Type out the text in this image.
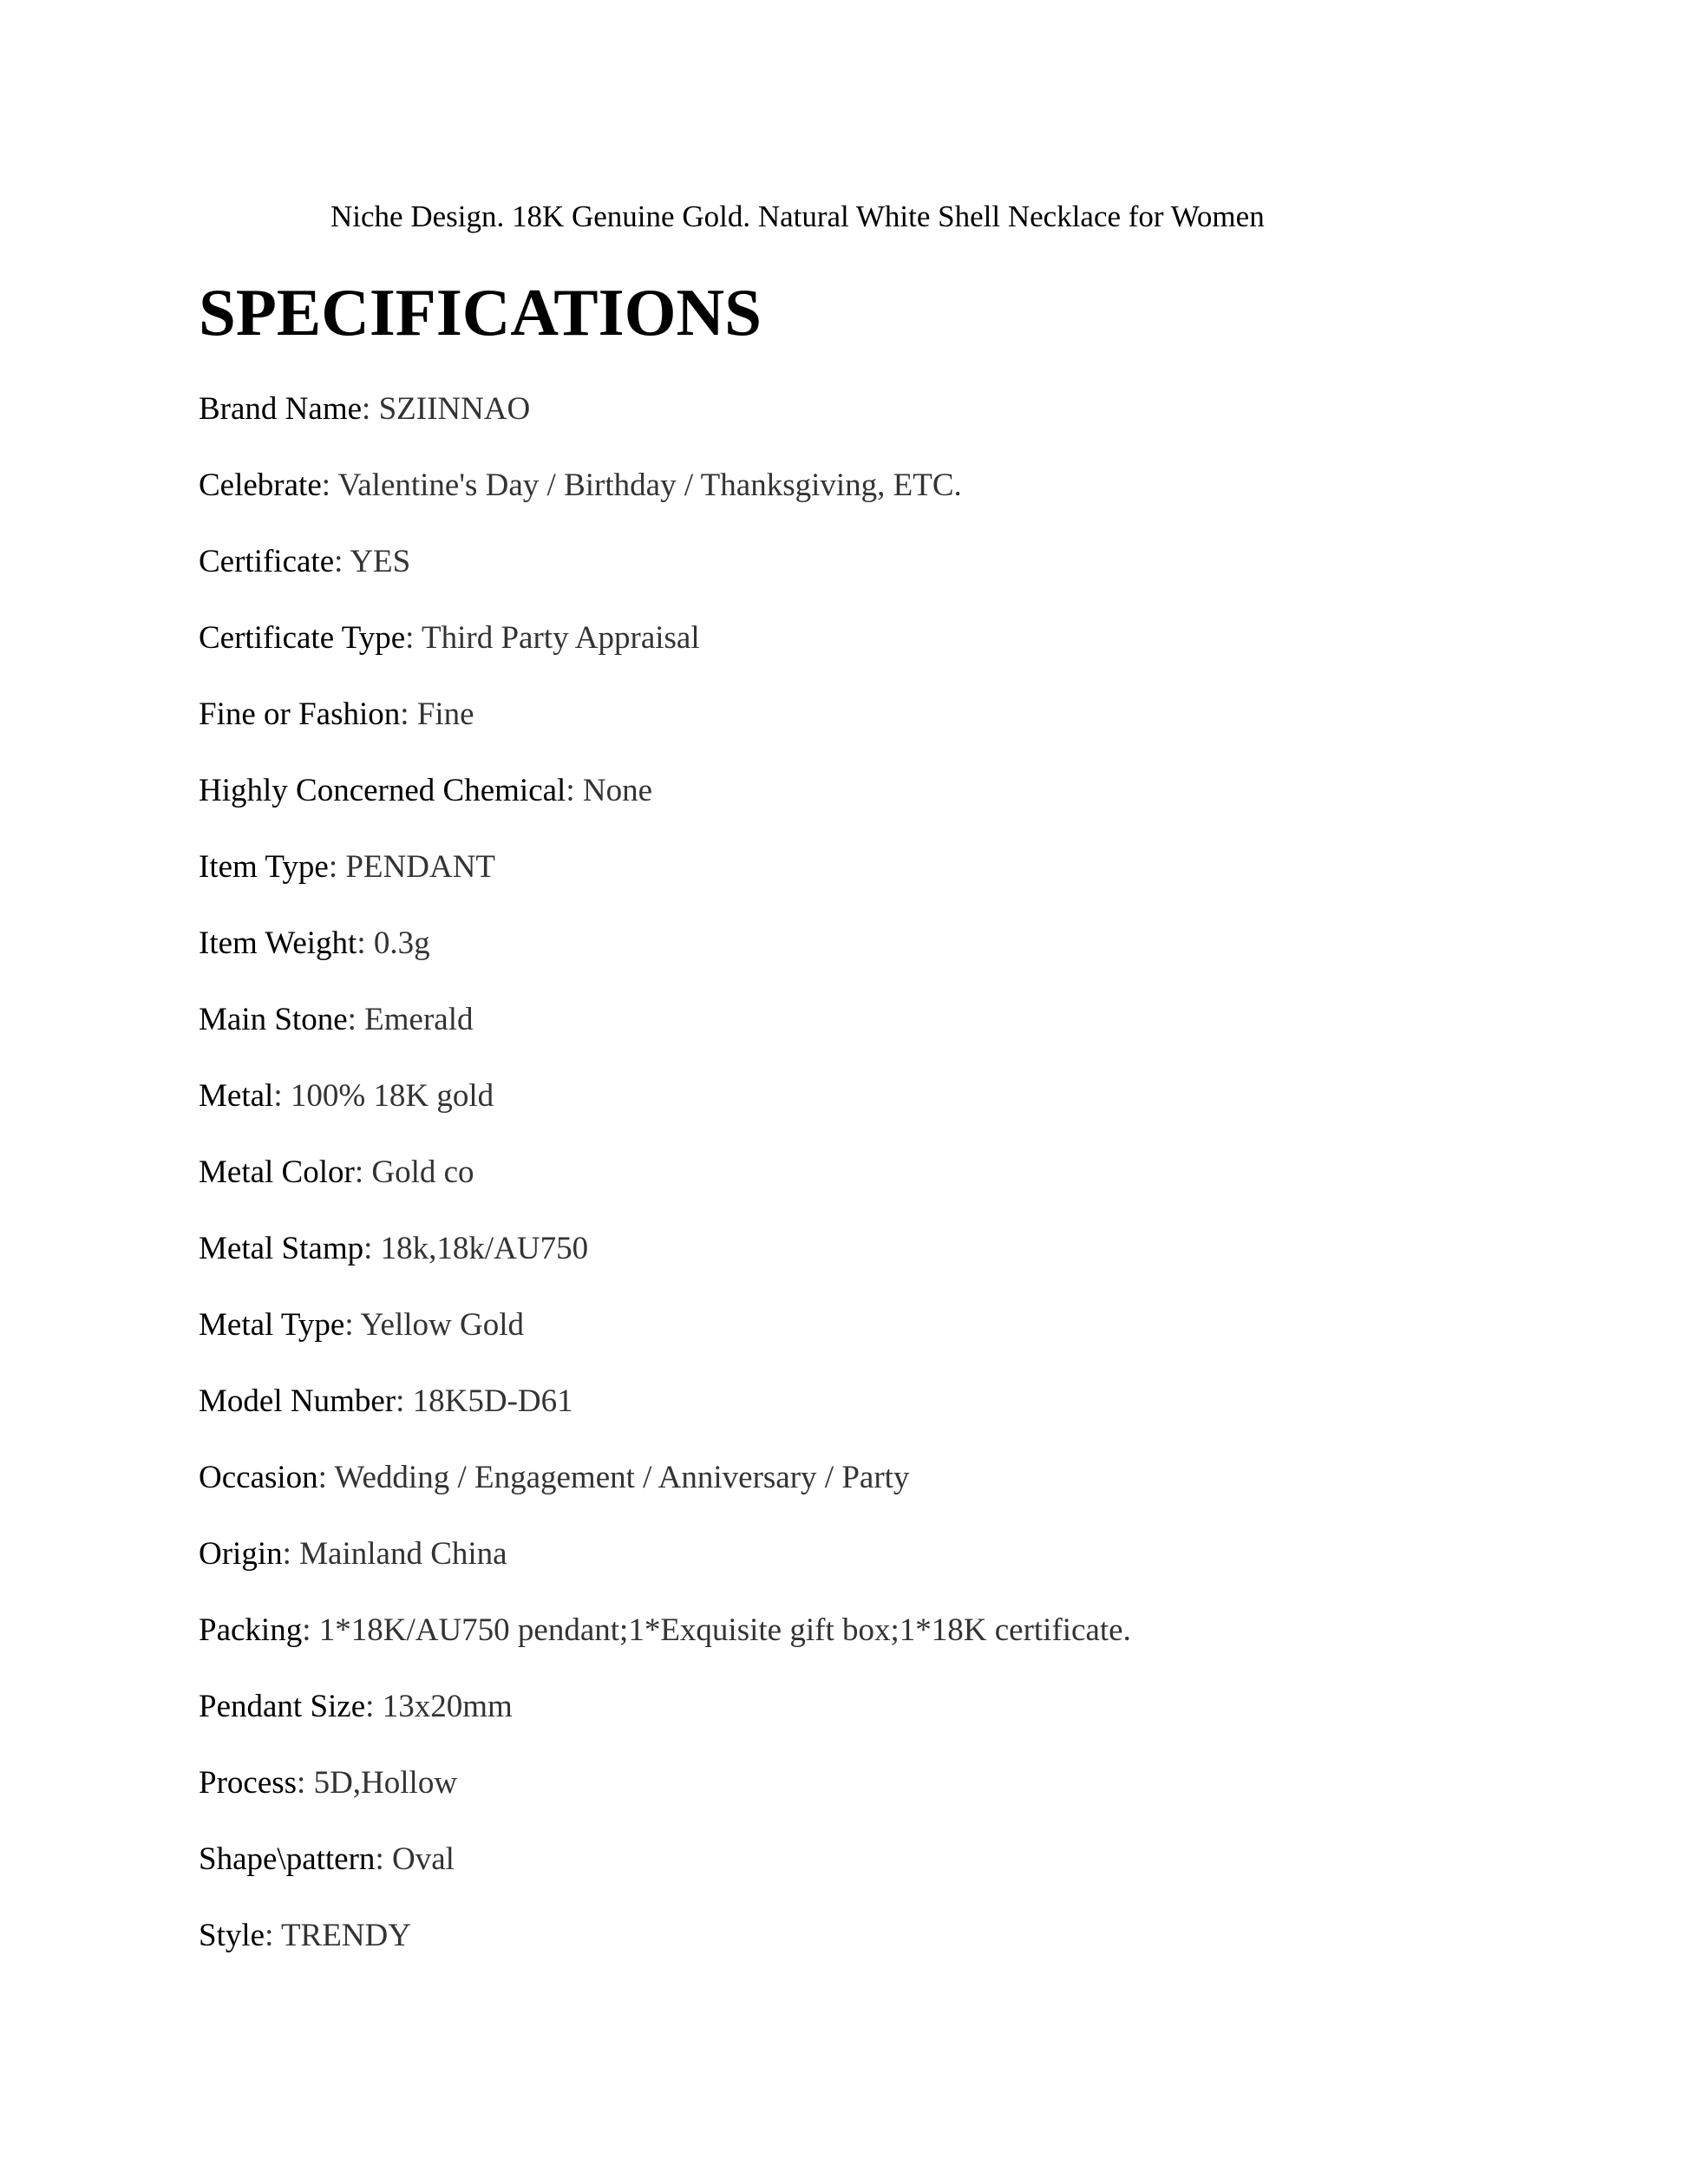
Niche Design. 18K Genuine Gold. Natural White Shell Necklace for Women
SPECIFICATIONS
Brand Name: SZIINNAO
Celebrate: Valentine's Day / Birthday / Thanksgiving, ETC.
Certificate: YES
Certificate Type: Third Party Appraisal
Fine or Fashion: Fine
Highly Concerned Chemical: None
Item Type: PENDANT
Item Weight: 0.3g
Main Stone: Emerald
Metal: 100% 18K gold
Metal Color: Gold co
Metal Stamp: 18k,18k/AU750
Metal Type: Yellow Gold
Model Number: 18K5D-D61
Occasion: Wedding / Engagement / Anniversary / Party
Origin: Mainland China
Packing: 1*18K/AU750 pendant;1*Exquisite gift box;1*18K certificate.
Pendant Size: 13x20mm
Process: 5D,Hollow
Shape\pattern: Oval
Style: TRENDY
